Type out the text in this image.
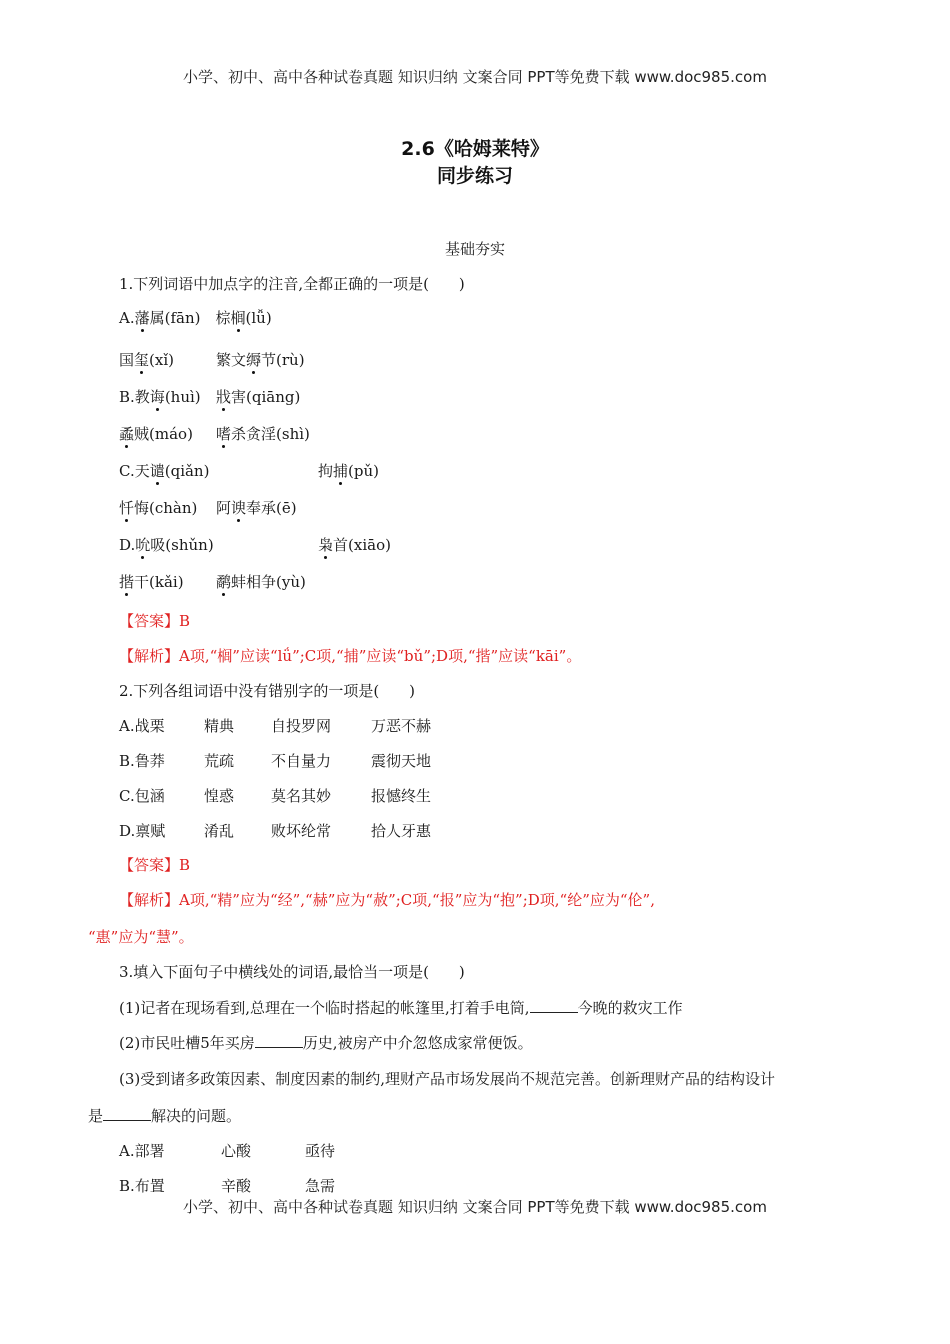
小学、初中、高中各种试卷真题 知识归纳 文案合同 PPT等免费下载 www.doc985.com
2.6《哈姆莱特》
同步练习
基础夯实
1.下列词语中加点字的注音,全都正确的一项是(　　)
A.藩属(fān)　棕榈(lǚ)
国玺(xǐ)	繁文缛节(rù)
B.教诲(huì) 戕害(qiāng)
蟊贼(máo) 嗜杀贪淫(shì)
C.天谴(qiǎn)	拘捕(pǔ)
忏悔(chàn) 阿谀奉承(ē)
D.吮吸(shǔn)	枭首(xiāo)
揩干(kǎi) 鹬蚌相争(yù)
【答案】B
【解析】A项,“榈”应读“lǘ”;C项,“捕”应读“bǔ”;D项,“揩”应读“kāi”。
2.下列各组词语中没有错别字的一项是(　　)
A.战栗	精典 自投罗网	万恶不赫
B.鲁莽	荒疏 不自量力	震彻天地
C.包涵	惶惑 莫名其妙	报憾终生
D.禀赋	淆乱 败坏纶常	拾人牙惠
【答案】B
【解析】A项,“精”应为“经”,“赫”应为“赦”;C项,“报”应为“抱”;D项,“纶”应为“伦”,
“惠”应为“慧”。
3.填入下面句子中横线处的词语,最恰当一项是(　　)
(1)记者在现场看到,总理在一个临时搭起的帐篷里,打着手电筒,	今晚的救灾工作
(2)市民吐槽5年买房	历史,被房产中介忽悠成家常便饭。
(3)受到诸多政策因素、制度因素的制约,理财产品市场发展尚不规范完善。创新理财产品的结构设计
是	解决的问题。
A.部署	心酸	亟待
B.布置	辛酸	急需
小学、初中、高中各种试卷真题 知识归纳 文案合同 PPT等免费下载 www.doc985.com
